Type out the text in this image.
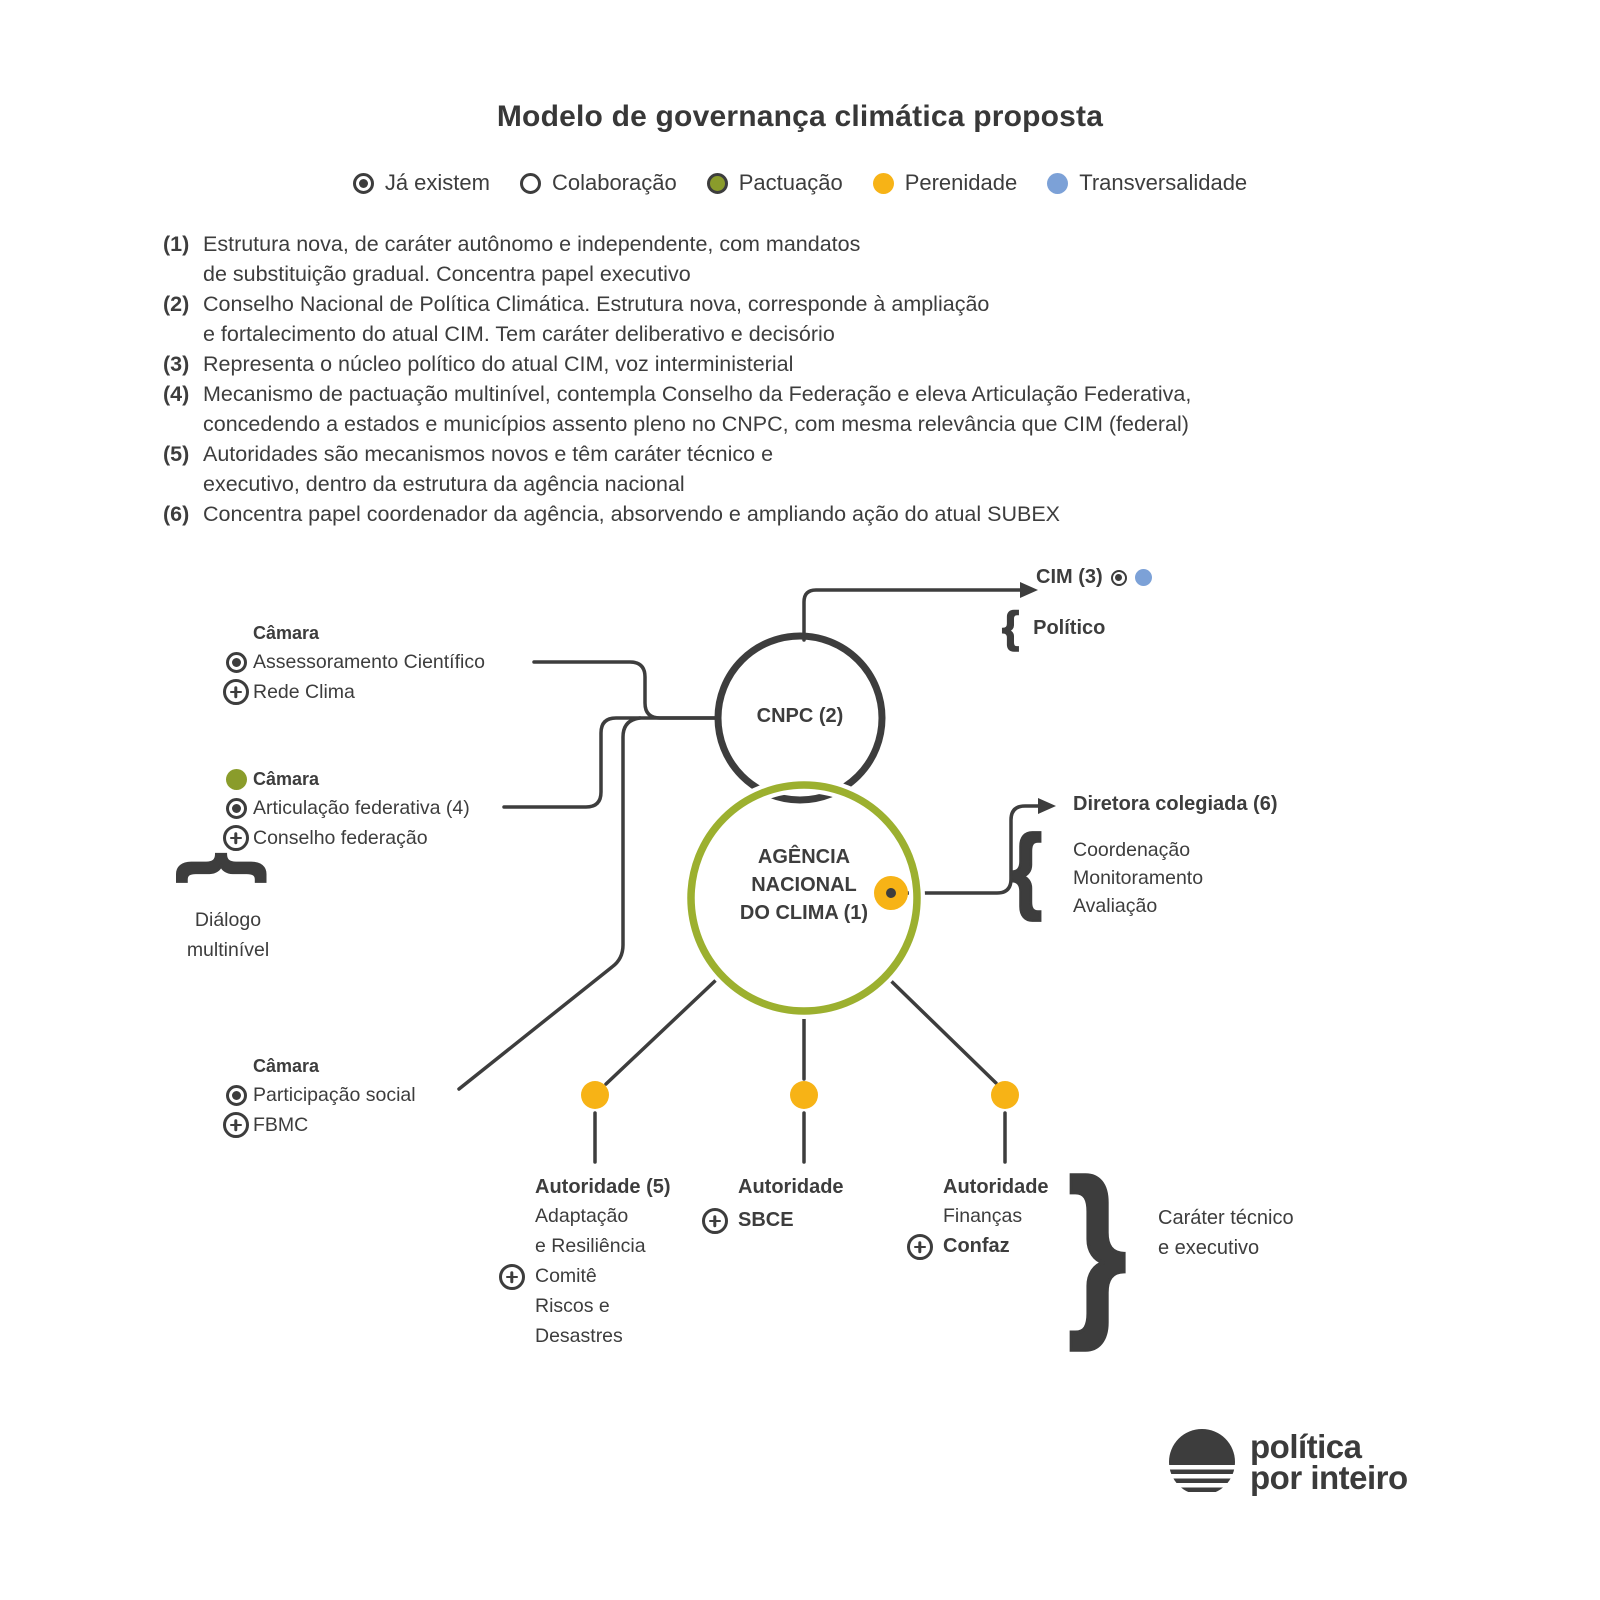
Modelo de governança climática proposta
Já existem	Colaboração	Pactuação	Perenidade	Transversalidade
(1) Estrutura nova, de caráter autônomo e independente, com mandatos
de substituição gradual. Concentra papel executivo
(2) Conselho Nacional de Política Climática. Estrutura nova, corresponde à ampliação
e fortalecimento do atual CIM. Tem caráter deliberativo e decisório
(3) Representa o núcleo político do atual CIM, voz interministerial
(4) Mecanismo de pactuação multinível, contempla Conselho da Federação e eleva Articulação Federativa,
concedendo a estados e municípios assento pleno no CNPC, com mesma relevância que CIM (federal)
(5) Autoridades são mecanismos novos e têm caráter técnico e
executivo, dentro da estrutura da agência nacional
(6) Concentra papel coordenador da agência, absorvendo e ampliando ação do atual SUBEX
CNPC (2)
AGÊNCIA
NACIONAL
DO CLIMA (1)
CIM (3)
{ Político
Diretora colegiada (6)
{ Coordenação
Monitoramento
Avaliação
Câmara
Assessoramento Científico
Rede Clima
Câmara
Articulação federativa (4)
Conselho federação
{
Diálogo
multinível
Câmara
Participação social
FBMC
Autoridade (5)
Adaptação
e Resiliência
Comitê
Riscos e
Desastres
Autoridade
SBCE
Autoridade
Finanças
Confaz } Caráter técnico
e executivo
política
por inteiro
